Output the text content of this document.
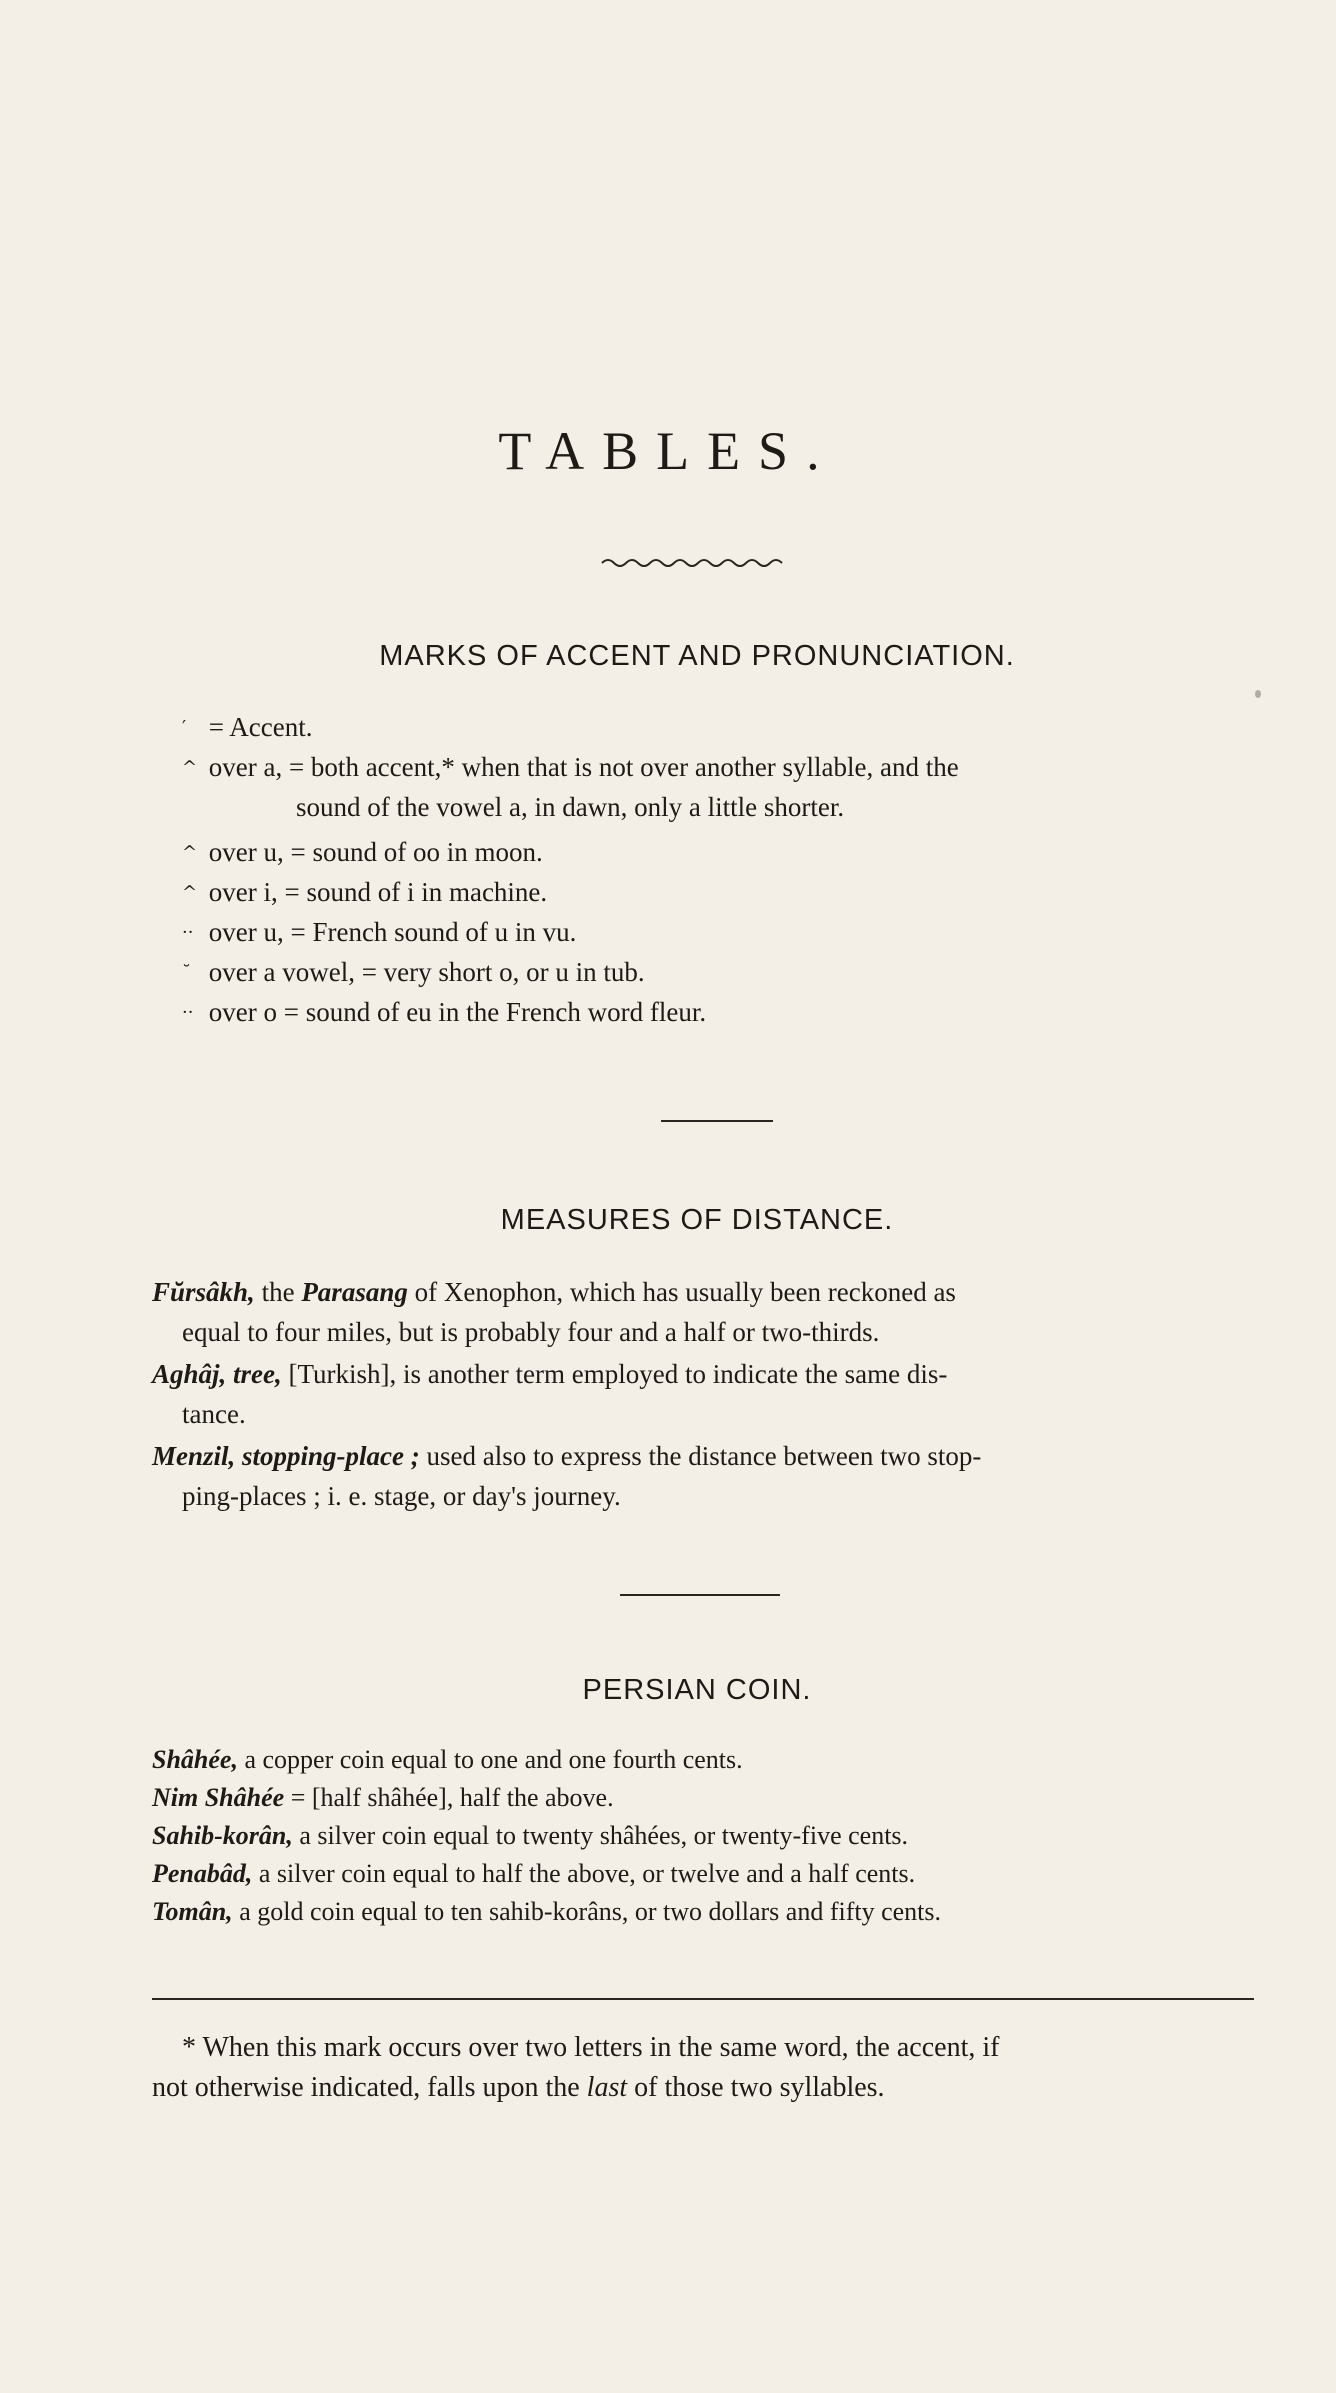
TABLES.
MARKS OF ACCENT AND PRONUNCIATION.
′ = Accent.
^ over a, = both accent,* when that is not over another syllable, and the
sound of the vowel a, in dawn, only a little shorter.
^ over u, = sound of oo in moon.
^ over i, = sound of i in machine.
·· over u, = French sound of u in vu.
˘ over a vowel, = very short o, or u in tub.
·· over o = sound of eu in the French word fleur.
MEASURES OF DISTANCE.
Fŭrsâkh, the Parasang of Xenophon, which has usually been reckoned as
equal to four miles, but is probably four and a half or two-thirds.
Aghâj, tree, [Turkish], is another term employed to indicate the same dis-
tance.
Menzil, stopping-place ; used also to express the distance between two stop-
ping-places ; i. e. stage, or day's journey.
PERSIAN COIN.
Shâhée, a copper coin equal to one and one fourth cents.
Nim Shâhée = [half shâhée], half the above.
Sahib-korân, a silver coin equal to twenty shâhées, or twenty-five cents.
Penabâd, a silver coin equal to half the above, or twelve and a half cents.
Tomân, a gold coin equal to ten sahib-korâns, or two dollars and fifty cents.
* When this mark occurs over two letters in the same word, the accent, if
not otherwise indicated, falls upon the last of those two syllables.
